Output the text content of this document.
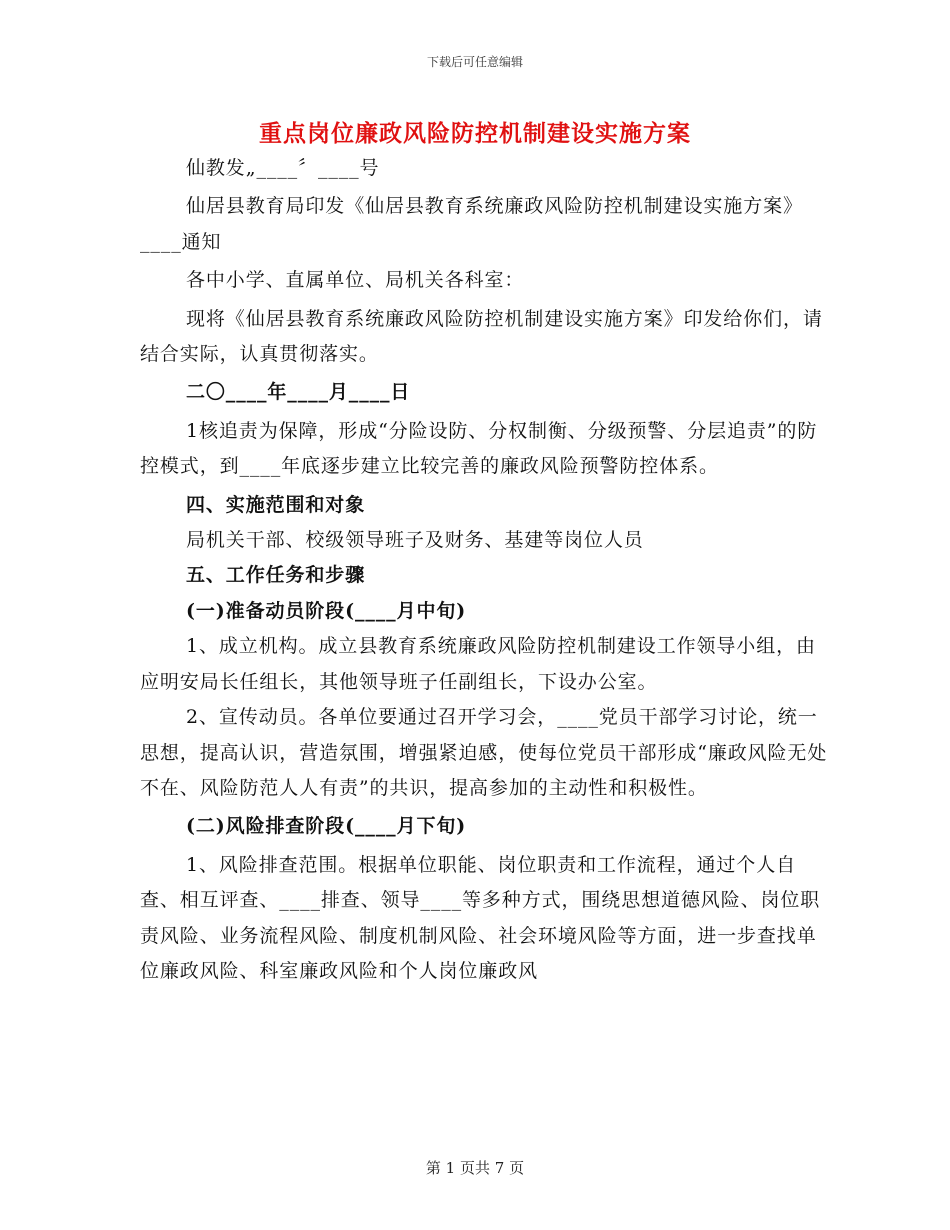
下载后可任意编辑
重点岗位廉政风险防控机制建设实施方案

仙教发„____〞____号

仙居县教育局印发《仙居县教育系统廉政风险防控机制建设实施方案》____通知

各中小学、直属单位、局机关各科室：

现将《仙居县教育系统廉政风险防控机制建设实施方案》印发给你们，请结合实际，认真贯彻落实。

二〇____年____月____日

1核追责为保障，形成“分险设防、分权制衡、分级预警、分层追责”的防控模式，到____年底逐步建立比较完善的廉政风险预警防控体系。

四、实施范围和对象

局机关干部、校级领导班子及财务、基建等岗位人员

五、工作任务和步骤

(一)准备动员阶段(____月中旬)

1、成立机构。成立县教育系统廉政风险防控机制建设工作领导小组，由应明安局长任组长，其他领导班子任副组长，下设办公室。

2、宣传动员。各单位要通过召开学习会，____党员干部学习讨论，统一思想，提高认识，营造氛围，增强紧迫感，使每位党员干部形成“廉政风险无处不在、风险防范人人有责”的共识，提高参加的主动性和积极性。

(二)风险排查阶段(____月下旬)

1、风险排查范围。根据单位职能、岗位职责和工作流程，通过个人自查、相互评查、____排查、领导____等多种方式，围绕思想道德风险、岗位职责风险、业务流程风险、制度机制风险、社会环境风险等方面，进一步查找单位廉政风险、科室廉政风险和个人岗位廉政风

第 1 页共 7 页
